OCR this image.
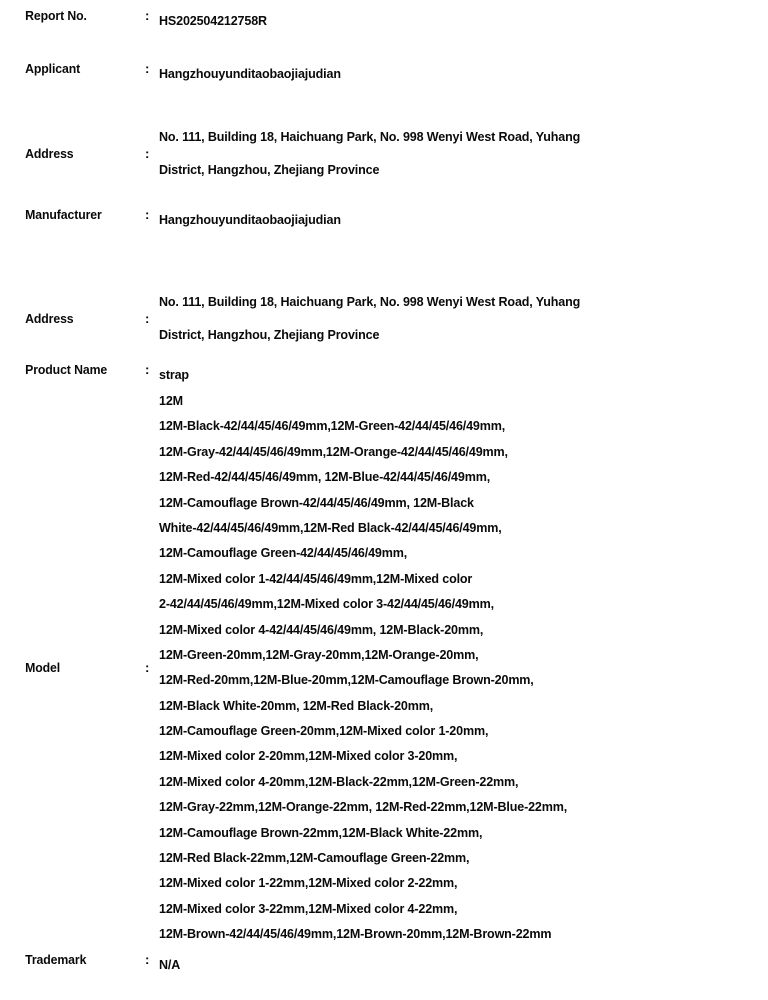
Report No.	: HS202504212758R
Applicant	: Hangzhouyunditaobaojiajudian
Address	:
No. 111, Building 18, Haichuang Park, No. 998 Wenyi West Road, Yuhang
District, Hangzhou, Zhejiang Province
Manufacturer	: Hangzhouyunditaobaojiajudian
Address	:
No. 111, Building 18, Haichuang Park, No. 998 Wenyi West Road, Yuhang
District, Hangzhou, Zhejiang Province
Product Name	: strap
Model	:
12M
12M-Black-42/44/45/46/49mm,12M-Green-42/44/45/46/49mm,
12M-Gray-42/44/45/46/49mm,12M-Orange-42/44/45/46/49mm,
12M-Red-42/44/45/46/49mm, 12M-Blue-42/44/45/46/49mm,
12M-Camouflage Brown-42/44/45/46/49mm, 12M-Black
White-42/44/45/46/49mm,12M-Red Black-42/44/45/46/49mm,
12M-Camouflage Green-42/44/45/46/49mm,
12M-Mixed color 1-42/44/45/46/49mm,12M-Mixed color
2-42/44/45/46/49mm,12M-Mixed color 3-42/44/45/46/49mm,
12M-Mixed color 4-42/44/45/46/49mm, 12M-Black-20mm,
12M-Green-20mm,12M-Gray-20mm,12M-Orange-20mm,
12M-Red-20mm,12M-Blue-20mm,12M-Camouflage Brown-20mm,
12M-Black White-20mm, 12M-Red Black-20mm,
12M-Camouflage Green-20mm,12M-Mixed color 1-20mm,
12M-Mixed color 2-20mm,12M-Mixed color 3-20mm,
12M-Mixed color 4-20mm,12M-Black-22mm,12M-Green-22mm,
12M-Gray-22mm,12M-Orange-22mm, 12M-Red-22mm,12M-Blue-22mm,
12M-Camouflage Brown-22mm,12M-Black White-22mm,
12M-Red Black-22mm,12M-Camouflage Green-22mm,
12M-Mixed color 1-22mm,12M-Mixed color 2-22mm,
12M-Mixed color 3-22mm,12M-Mixed color 4-22mm,
12M-Brown-42/44/45/46/49mm,12M-Brown-20mm,12M-Brown-22mm
Trademark	: N/A
